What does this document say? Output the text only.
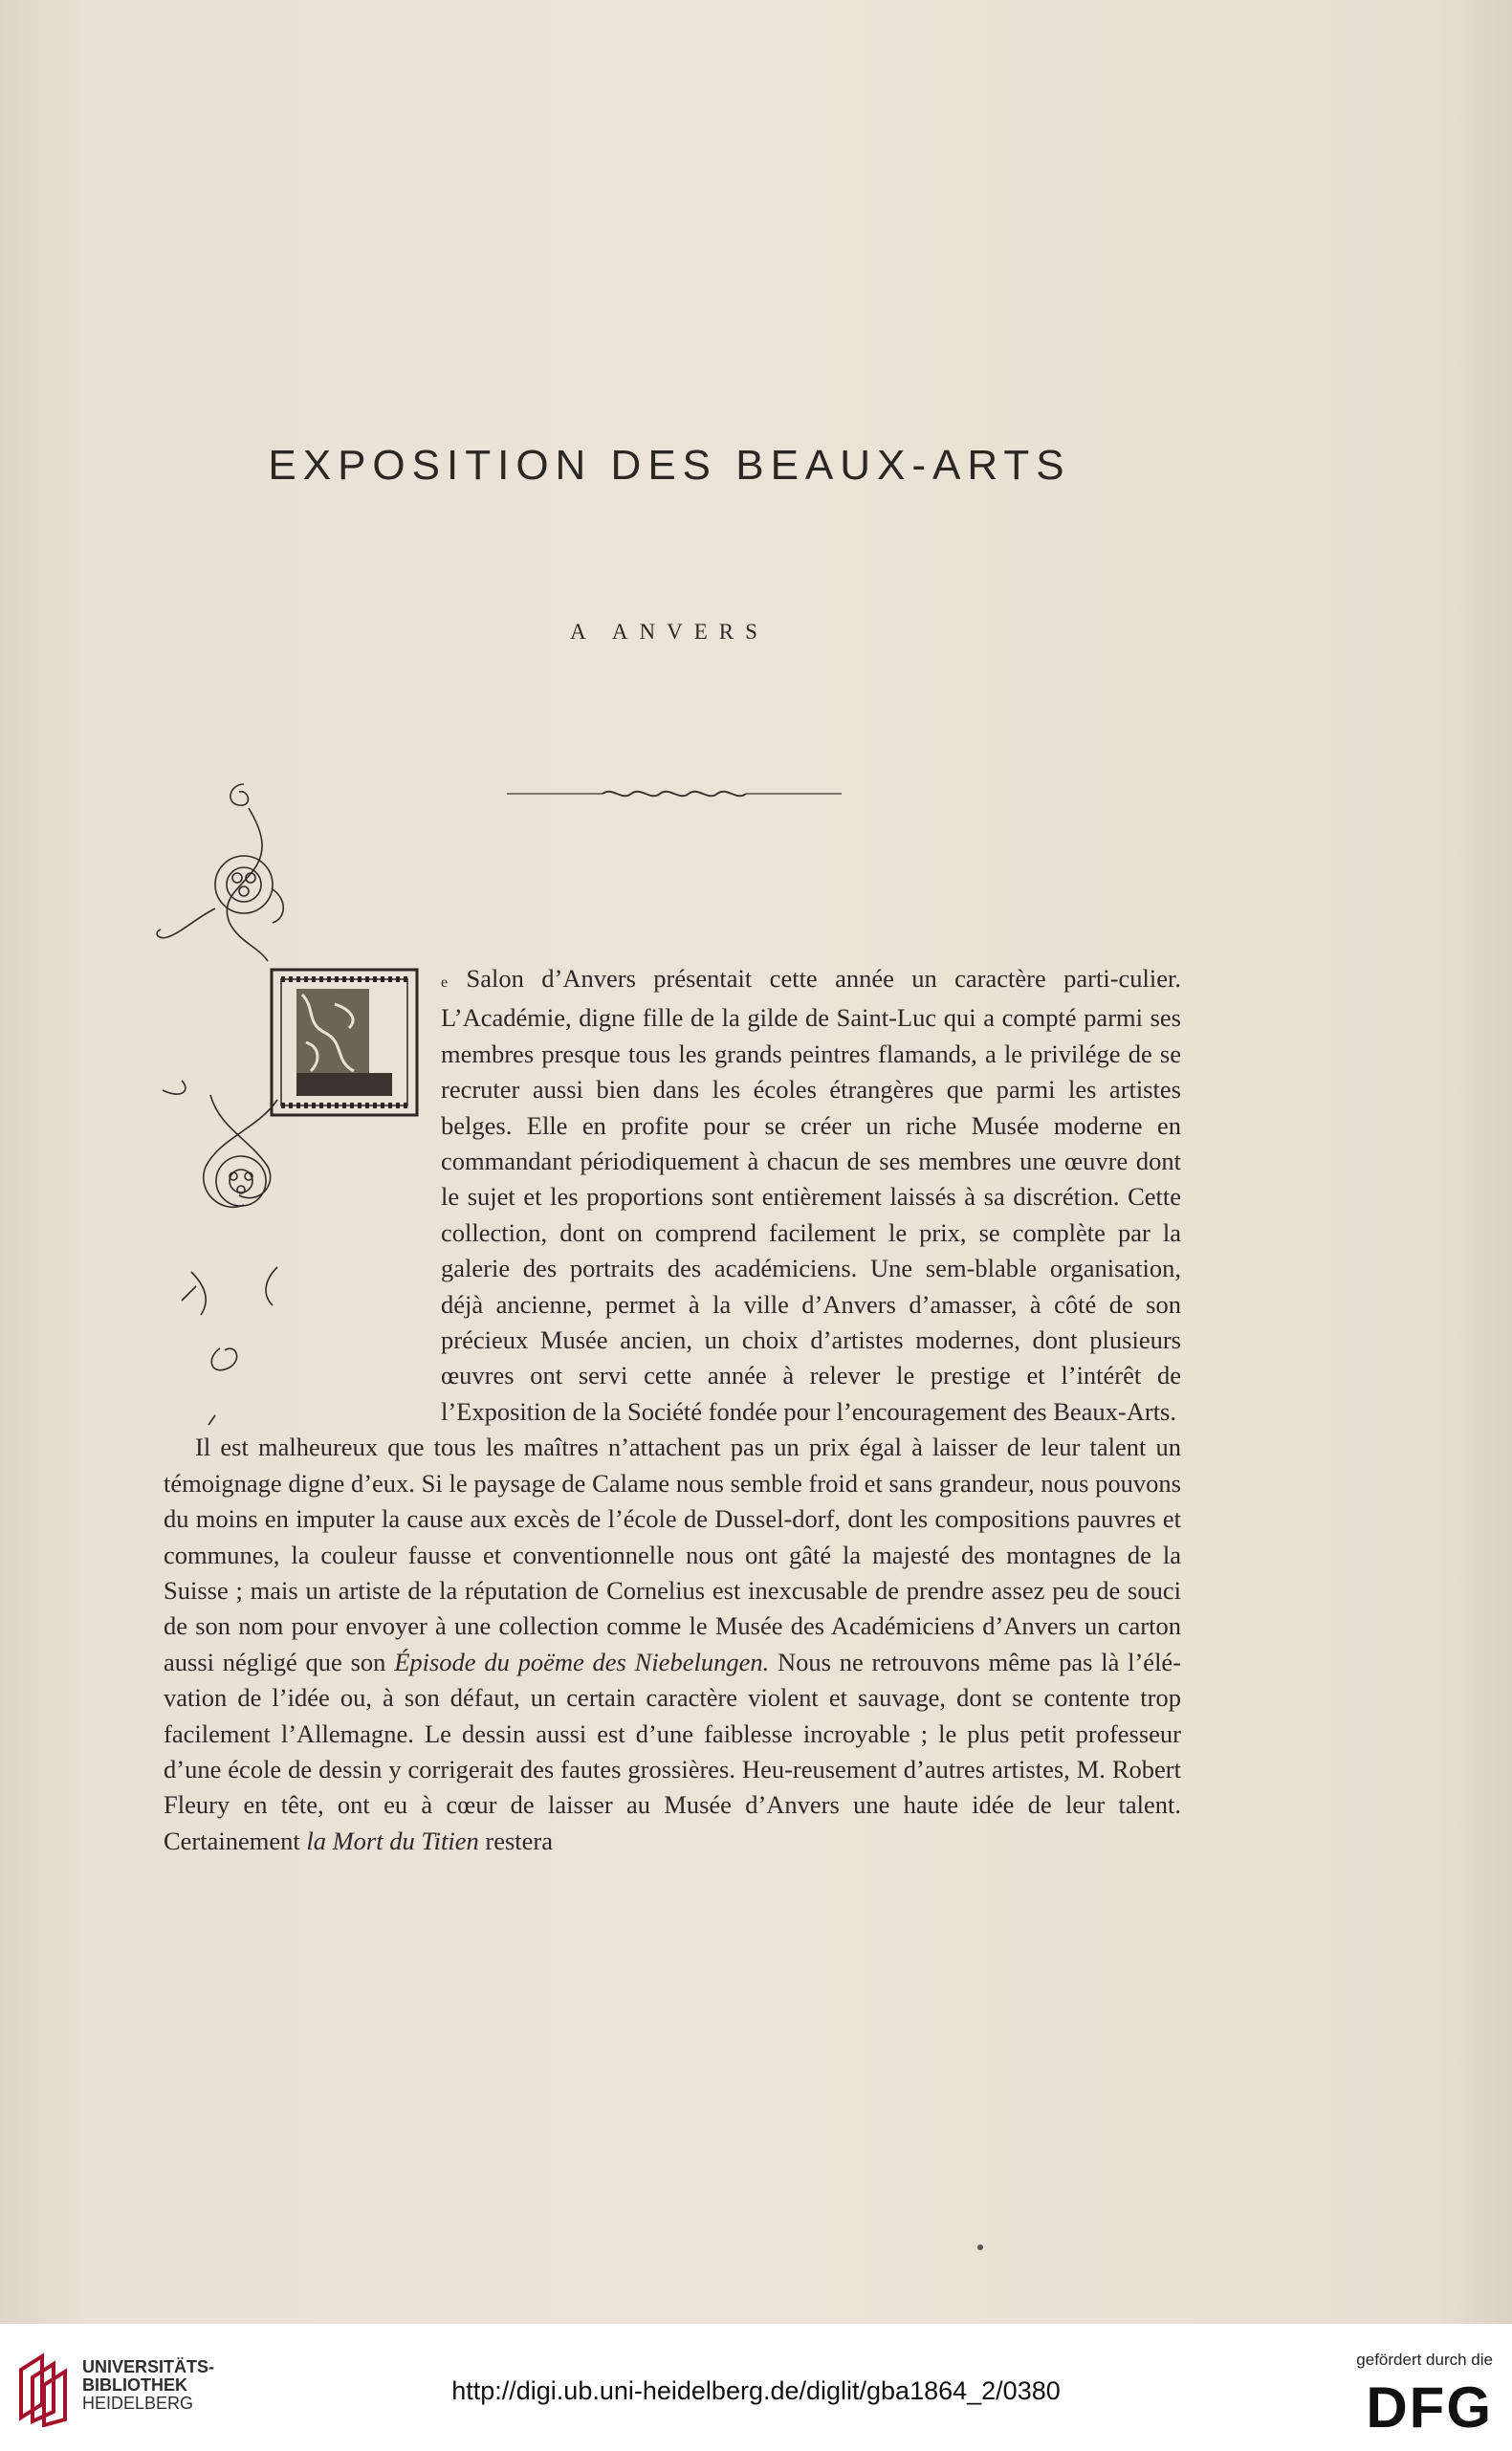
EXPOSITION DES BEAUX-ARTS
A ANVERS

e Salon d’Anvers présentait cette année un caractère parti-culier. L’Académie, digne fille de la gilde de Saint-Luc qui a compté parmi ses membres presque tous les grands peintres flamands, a le privilége de se recruter aussi bien dans les écoles étrangères que parmi les artistes belges. Elle en profite pour se créer un riche Musée moderne en commandant périodiquement à chacun de ses membres une œuvre dont le sujet et les proportions sont entièrement laissés à sa discrétion. Cette collection, dont on comprend facilement le prix, se complète par la galerie des portraits des académiciens. Une sem-blable organisation, déjà ancienne, permet à la ville d’Anvers d’amasser, à côté de son précieux Musée ancien, un choix d’artistes modernes, dont plusieurs œuvres ont servi cette année à relever le prestige et l’intérêt de l’Exposition de la Société fondée pour l’encouragement des Beaux-Arts.

Il est malheureux que tous les maîtres n’attachent pas un prix égal à laisser de leur talent un témoignage digne d’eux. Si le paysage de Calame nous semble froid et sans grandeur, nous pouvons du moins en imputer la cause aux excès de l’école de Dussel-dorf, dont les compositions pauvres et communes, la couleur fausse et conventionnelle nous ont gâté la majesté des montagnes de la Suisse ; mais un artiste de la réputation de Cornelius est inexcusable de prendre assez peu de souci de son nom pour envoyer à une collection comme le Musée des Académiciens d’Anvers un carton aussi négligé que son Épisode du poëme des Niebelungen. Nous ne retrouvons même pas là l’élé-vation de l’idée ou, à son défaut, un certain caractère violent et sauvage, dont se contente trop facilement l’Allemagne. Le dessin aussi est d’une faiblesse incroyable ; le plus petit professeur d’une école de dessin y corrigerait des fautes grossières. Heu-reusement d’autres artistes, M. Robert Fleury en tête, ont eu à cœur de laisser au Musée d’Anvers une haute idée de leur talent. Certainement la Mort du Titien restera

UNIVERSITÄTS-
BIBLIOTHEK
HEIDELBERG	http://digi.ub.uni-heidelberg.de/diglit/gba1864_2/0380
gefördert durch die
DFG
